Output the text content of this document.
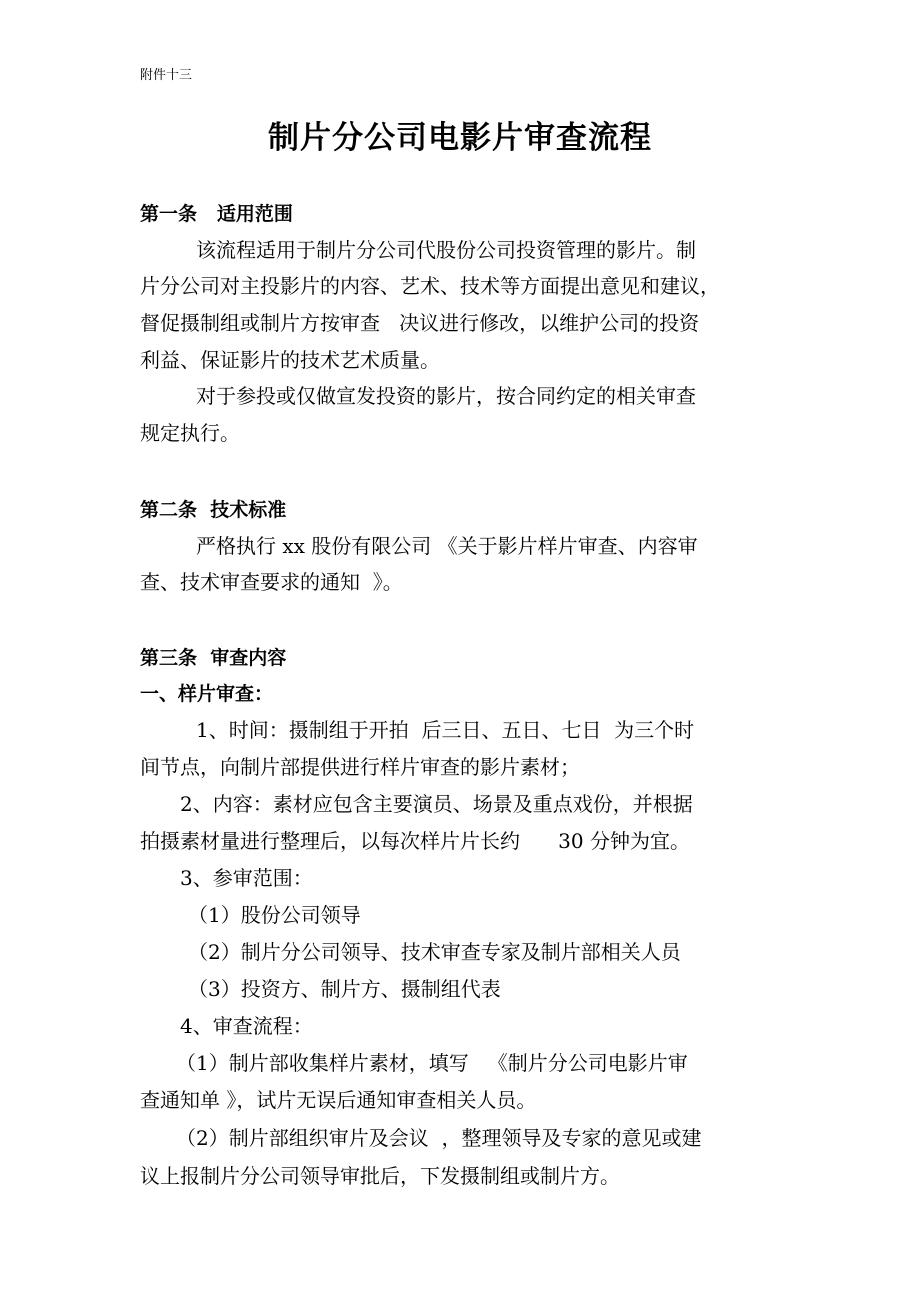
附件十三
制片分公司电影片审查流程
第一条   适用范围
该流程适用于制片分公司代股份公司投资管理的影片。制
片分公司对主投影片的内容、艺术、技术等方面提出意见和建议，
督促摄制组或制片方按审查   决议进行修改，以维护公司的投资
利益、保证影片的技术艺术质量。
对于参投或仅做宣发投资的影片，按合同约定的相关审查
规定执行。
第二条  技术标准
严格执行 xx 股份有限公司 《关于影片样片审查、内容审
查、技术审查要求的通知  》。
第三条  审查内容
一、样片审查：
1、时间：摄制组于开拍  后三日、五日、七日  为三个时
间节点，向制片部提供进行样片审查的影片素材；
2、内容：素材应包含主要演员、场景及重点戏份，并根据
拍摄素材量进行整理后，以每次样片片长约      30 分钟为宜。
3、参审范围：
（1）股份公司领导
（2）制片分公司领导、技术审查专家及制片部相关人员
（3）投资方、制片方、摄制组代表
4、审查流程：
（1）制片部收集样片素材，填写   《制片分公司电影片审
查通知单 》，试片无误后通知审查相关人员。
（2）制片部组织审片及会议  ，整理领导及专家的意见或建
议上报制片分公司领导审批后，下发摄制组或制片方。
